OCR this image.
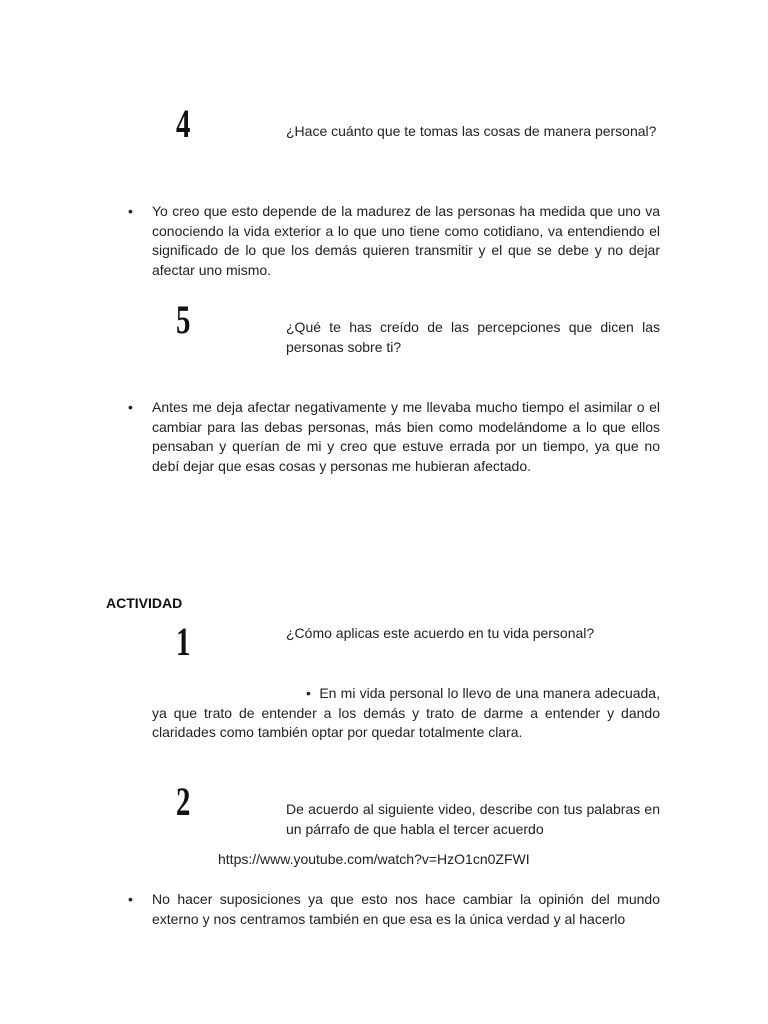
4	¿Hace cuánto que te tomas las cosas de manera personal?
• Yo creo que esto depende de la madurez de las personas ha medida que uno va conociendo la vida exterior a lo que uno tiene como cotidiano, va entendiendo el significado de lo que los demás quieren transmitir y el que se debe y no dejar afectar uno mismo.
5	¿Qué te has creído de las percepciones que dicen las personas sobre ti?
• Antes me deja afectar negativamente y me llevaba mucho tiempo el asimilar o el cambiar para las debas personas, más bien como modelándome a lo que ellos pensaban y querían de mi y creo que estuve errada por un tiempo, ya que no debí dejar que esas cosas y personas me hubieran afectado.
ACTIVIDAD
1	¿Cómo aplicas este acuerdo en tu vida personal?
•  En mi vida personal lo llevo de una manera adecuada, ya que trato de entender a los demás y trato de darme a entender y dando claridades como también optar por quedar totalmente clara.
2	De acuerdo al siguiente video, describe con tus palabras en un párrafo de que habla el tercer acuerdo
https://www.youtube.com/watch?v=HzO1cn0ZFWI
• No hacer suposiciones ya que esto nos hace cambiar la opinión del mundo externo y nos centramos también en que esa es la única verdad y al hacerlo
